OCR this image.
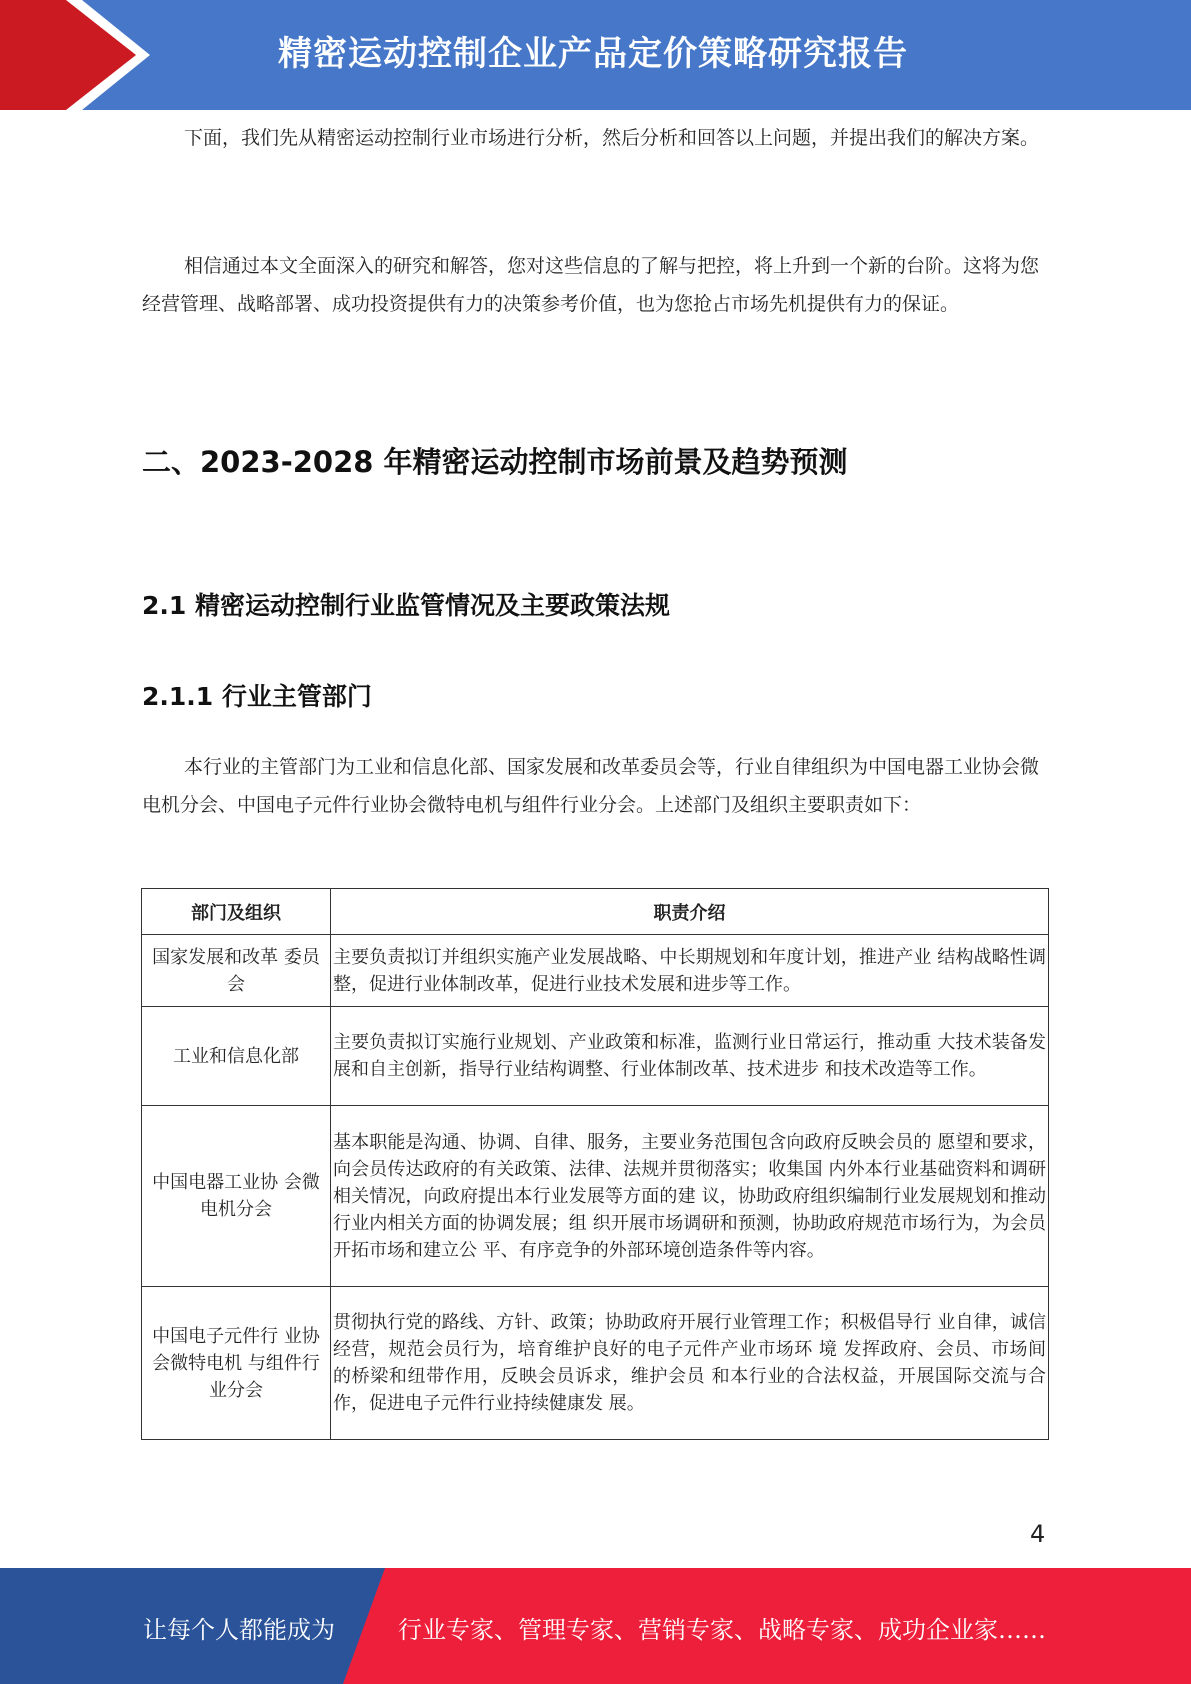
精密运动控制企业产品定价策略研究报告

下面，我们先从精密运动控制行业市场进行分析，然后分析和回答以上问题，并提出我们的解决方案。

相信通过本文全面深入的研究和解答，您对这些信息的了解与把控，将上升到一个新的台阶。这将为您经营管理、战略部署、成功投资提供有力的决策参考价值，也为您抢占市场先机提供有力的保证。

二、2023-2028 年精密运动控制市场前景及趋势预测
2.1 精密运动控制行业监管情况及主要政策法规
2.1.1 行业主管部门

本行业的主管部门为工业和信息化部、国家发展和改革委员会等，行业自律组织为中国电器工业协会微电机分会、中国电子元件行业协会微特电机与组件行业分会。上述部门及组织主要职责如下：

部门及组织	职责介绍
国家发展和改革 委员会	主要负责拟订并组织实施产业发展战略、中长期规划和年度计划，推进产业 结构战略性调整，促进行业体制改革，促进行业技术发展和进步等工作。
工业和信息化部	主要负责拟订实施行业规划、产业政策和标准，监测行业日常运行，推动重 大技术装备发展和自主创新，指导行业结构调整、行业体制改革、技术进步 和技术改造等工作。
中国电器工业协 会微电机分会	基本职能是沟通、协调、自律、服务，主要业务范围包含向政府反映会员的 愿望和要求，向会员传达政府的有关政策、法律、法规并贯彻落实；收集国 内外本行业基础资料和调研相关情况，向政府提出本行业发展等方面的建 议，协助政府组织编制行业发展规划和推动行业内相关方面的协调发展；组 织开展市场调研和预测，协助政府规范市场行为，为会员开拓市场和建立公 平、有序竞争的外部环境创造条件等内容。
中国电子元件行 业协会微特电机 与组件行业分会	贯彻执行党的路线、方针、政策；协助政府开展行业管理工作；积极倡导行 业自律，诚信经营，规范会员行为，培育维护良好的电子元件产业市场环 境 发挥政府、会员、市场间的桥梁和纽带作用，反映会员诉求，维护会员 和本行业的合法权益，开展国际交流与合作，促进电子元件行业持续健康发 展。
4
让每个人都能成为	行业专家、管理专家、营销专家、战略专家、成功企业家……
